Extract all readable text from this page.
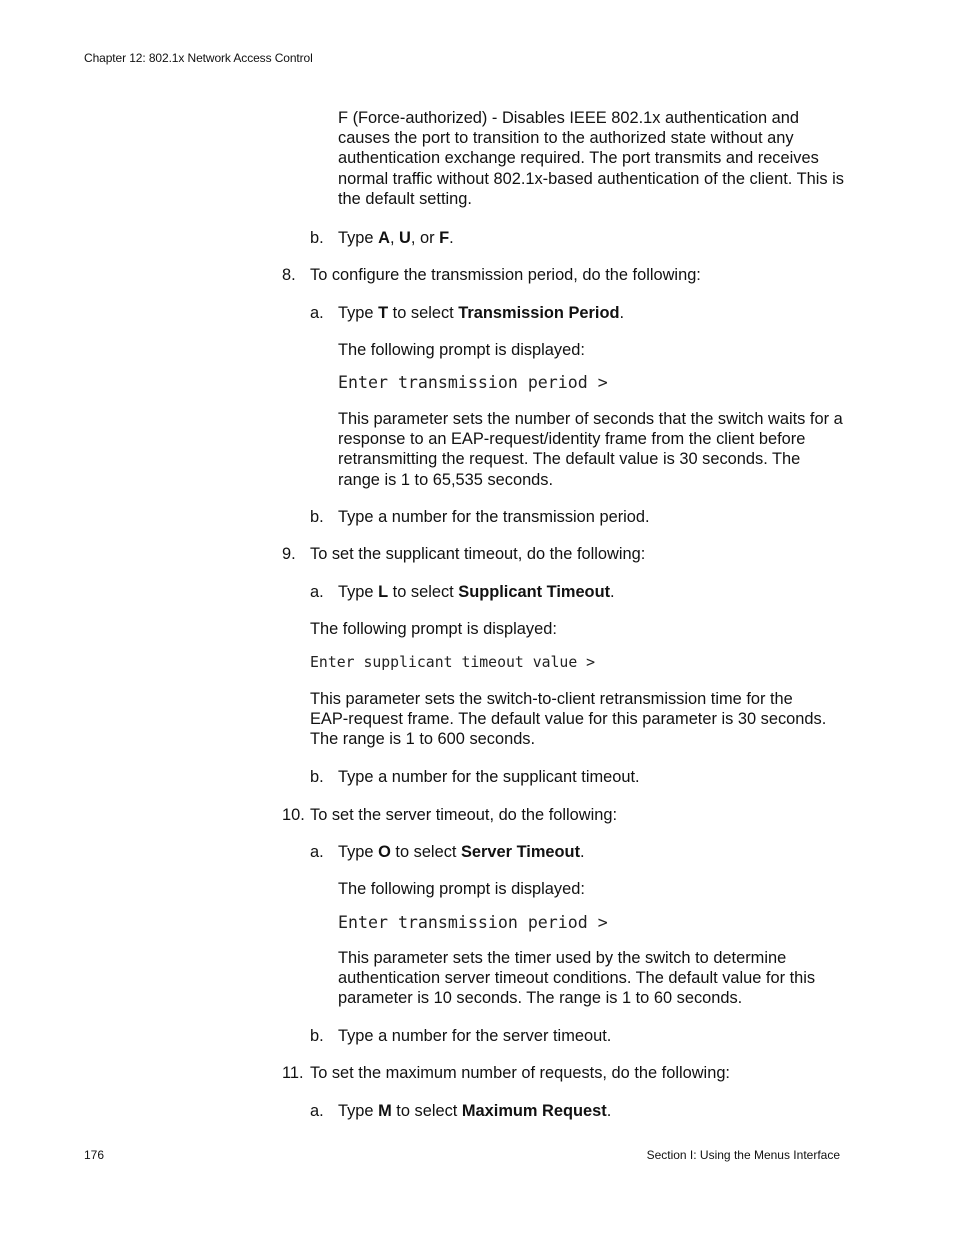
Chapter 12: 802.1x Network Access Control
F (Force-authorized) - Disables IEEE 802.1x authentication and causes the port to transition to the authorized state without any authentication exchange required. The port transmits and receives normal traffic without 802.1x-based authentication of the client. This is the default setting.
b. Type A, U, or F.
8. To configure the transmission period, do the following:
a. Type T to select Transmission Period.
The following prompt is displayed:
Enter transmission period >
This parameter sets the number of seconds that the switch waits for a response to an EAP-request/identity frame from the client before retransmitting the request. The default value is 30 seconds. The range is 1 to 65,535 seconds.
b. Type a number for the transmission period.
9. To set the supplicant timeout, do the following:
a. Type L to select Supplicant Timeout.
The following prompt is displayed:
Enter supplicant timeout value >
This parameter sets the switch-to-client retransmission time for the EAP-request frame. The default value for this parameter is 30 seconds. The range is 1 to 600 seconds.
b. Type a number for the supplicant timeout.
10. To set the server timeout, do the following:
a. Type O to select Server Timeout.
The following prompt is displayed:
Enter transmission period >
This parameter sets the timer used by the switch to determine authentication server timeout conditions. The default value for this parameter is 10 seconds. The range is 1 to 60 seconds.
b. Type a number for the server timeout.
11. To set the maximum number of requests, do the following:
a. Type M to select Maximum Request.
176	Section I: Using the Menus Interface
